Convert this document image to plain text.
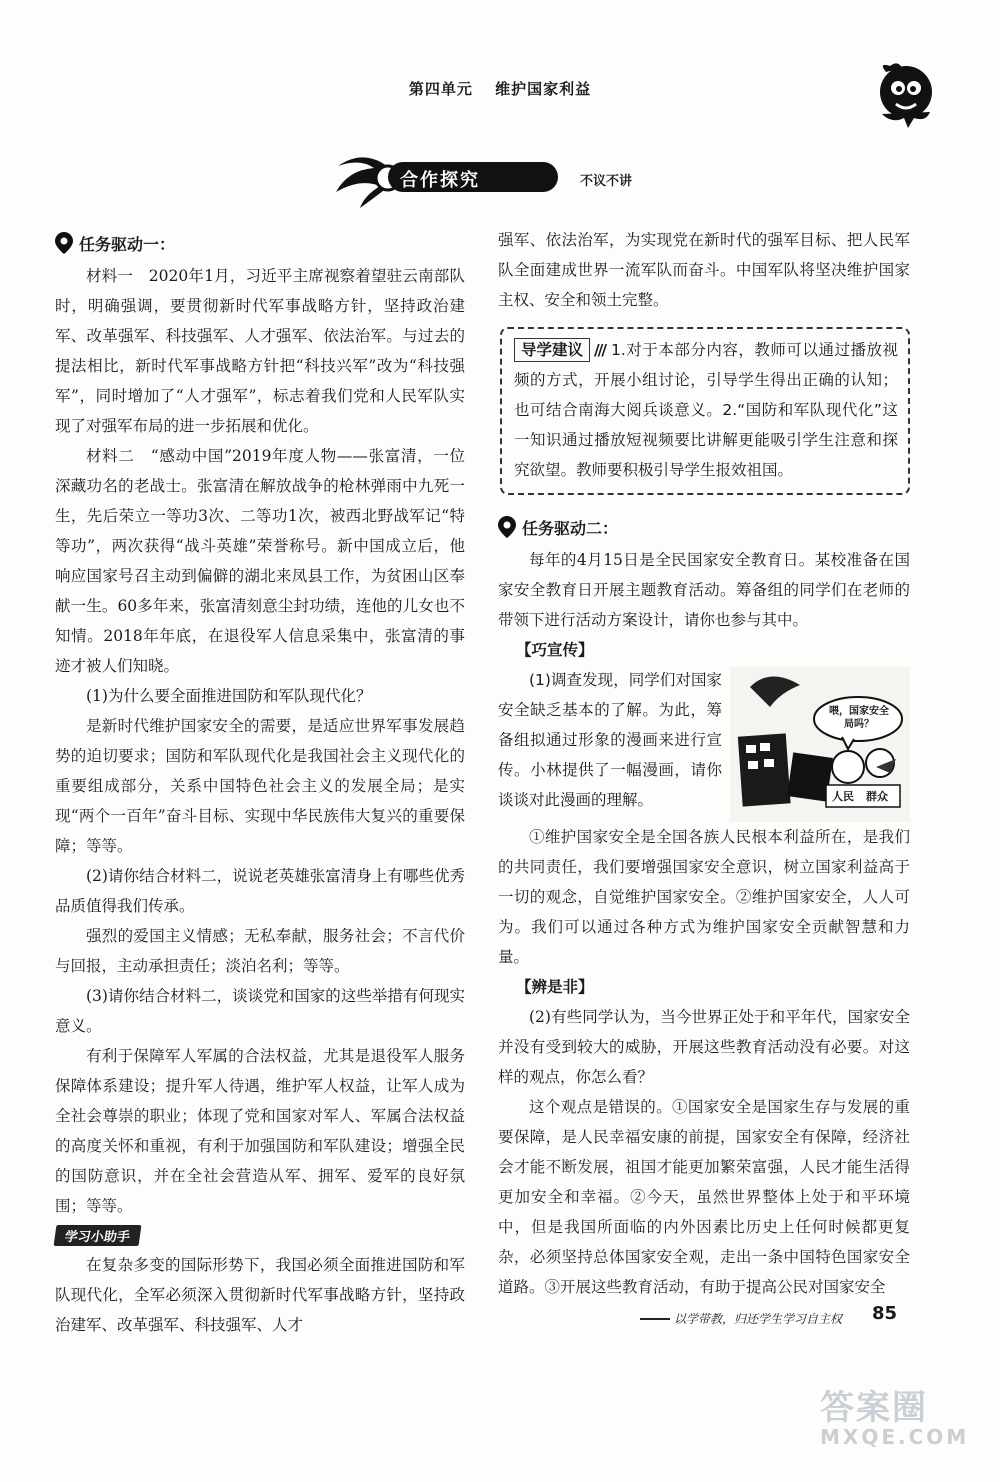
第四单元 维护国家利益
合作探究	不议不讲
任务驱动一：

材料一　2020年1月，习近平主席视察着望驻云南部队时，明确强调，要贯彻新时代军事战略方针，坚持政治建军、改革强军、科技强军、人才强军、依法治军。与过去的提法相比，新时代军事战略方针把“科技兴军”改为“科技强军”，同时增加了“人才强军”，标志着我们党和人民军队实现了对强军布局的进一步拓展和优化。

材料二　“感动中国”2019年度人物——张富清，一位深藏功名的老战士。张富清在解放战争的枪林弹雨中九死一生，先后荣立一等功3次、二等功1次，被西北野战军记“特等功”，两次获得“战斗英雄”荣誉称号。新中国成立后，他响应国家号召主动到偏僻的湖北来凤县工作，为贫困山区奉献一生。60多年来，张富清刻意尘封功绩，连他的儿女也不知情。2018年年底，在退役军人信息采集中，张富清的事迹才被人们知晓。

(1)为什么要全面推进国防和军队现代化？

是新时代维护国家安全的需要，是适应世界军事发展趋势的迫切要求；国防和军队现代化是我国社会主义现代化的重要组成部分，关系中国特色社会主义的发展全局；是实现“两个一百年”奋斗目标、实现中华民族伟大复兴的重要保障；等等。

(2)请你结合材料二，说说老英雄张富清身上有哪些优秀品质值得我们传承。

强烈的爱国主义情感；无私奉献，服务社会；不言代价与回报，主动承担责任；淡泊名利；等等。

(3)请你结合材料二，谈谈党和国家的这些举措有何现实意义。

有利于保障军人军属的合法权益，尤其是退役军人服务保障体系建设；提升军人待遇，维护军人权益，让军人成为全社会尊崇的职业；体现了党和国家对军人、军属合法权益的高度关怀和重视，有利于加强国防和军队建设；增强全民的国防意识，并在全社会营造从军、拥军、爱军的良好氛围；等等。

学习小助手

在复杂多变的国际形势下，我国必须全面推进国防和军队现代化，全军必须深入贯彻新时代军事战略方针，坚持政治建军、改革强军、科技强军、人才

强军、依法治军，为实现党在新时代的强军目标、把人民军队全面建成世界一流军队而奋斗。中国军队将坚决维护国家主权、安全和领土完整。

导学建议 /// 1.对于本部分内容，教师可以通过播放视频的方式，开展小组讨论，引导学生得出正确的认知；也可结合南海大阅兵谈意义。2.“国防和军队现代化”这一知识通过播放短视频要比讲解更能吸引学生注意和探究欲望。教师要积极引导学生报效祖国。

任务驱动二：

每年的4月15日是全民国家安全教育日。某校准备在国家安全教育日开展主题教育活动。筹备组的同学们在老师的带领下进行活动方案设计，请你也参与其中。

【巧宣传】
喂，国家安全局吗？
人民 群众

(1)调查发现，同学们对国家安全缺乏基本的了解。为此，筹备组拟通过形象的漫画来进行宣传。小林提供了一幅漫画，请你谈谈对此漫画的理解。

①维护国家安全是全国各族人民根本利益所在，是我们的共同责任，我们要增强国家安全意识，树立国家利益高于一切的观念，自觉维护国家安全。②维护国家安全，人人可为。我们可以通过各种方式为维护国家安全贡献智慧和力量。

【辨是非】

(2)有些同学认为，当今世界正处于和平年代，国家安全并没有受到较大的威胁，开展这些教育活动没有必要。对这样的观点，你怎么看？

这个观点是错误的。①国家安全是国家生存与发展的重要保障，是人民幸福安康的前提，国家安全有保障，经济社会才能不断发展，祖国才能更加繁荣富强，人民才能生活得更加安全和幸福。②今天，虽然世界整体上处于和平环境中，但是我国所面临的内外因素比历史上任何时候都更复杂，必须坚持总体国家安全观，走出一条中国特色国家安全道路。③开展这些教育活动，有助于提高公民对国家安全

以学带教，归还学生学习自主权 85
答案圈
MXQE.COM
